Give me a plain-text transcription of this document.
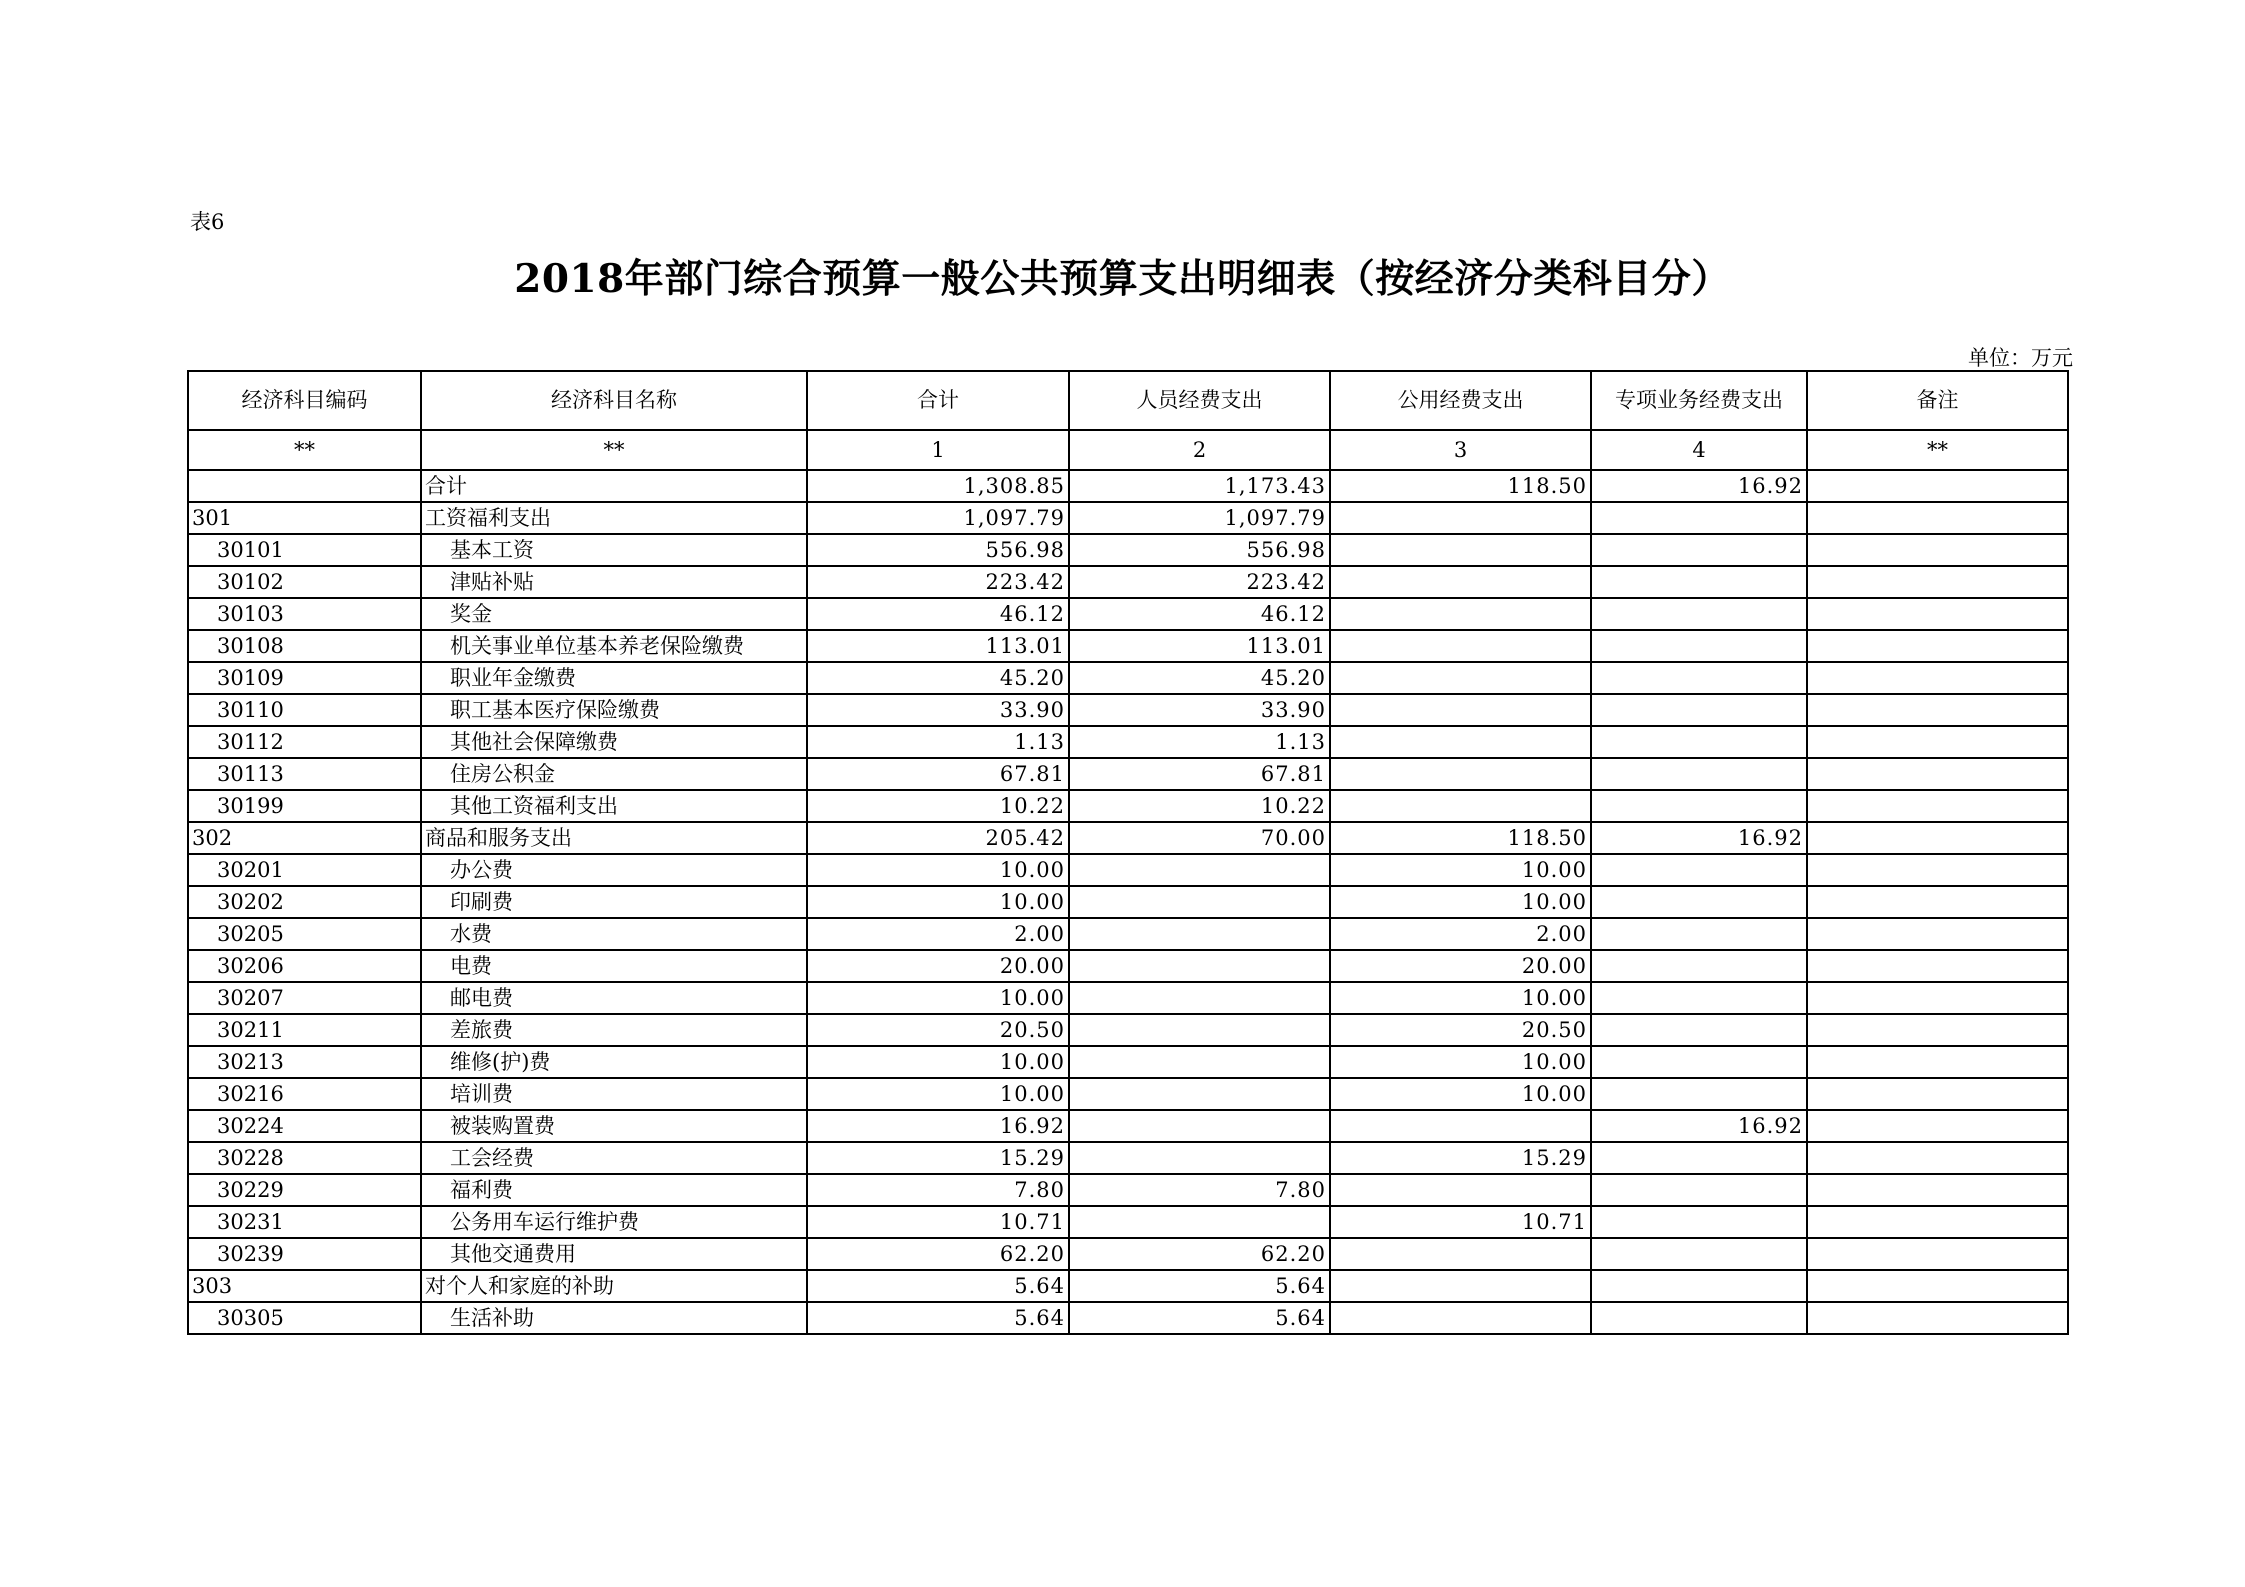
表6
2018年部门综合预算一般公共预算支出明细表（按经济分类科目分）
单位：万元
经济科目编码	经济科目名称	合计	人员经费支出	公用经费支出	专项业务经费支出	备注
**	**	1	2	3	4	**
	合计	1,308.85	1,173.43	118.50	16.92	
301	工资福利支出	1,097.79	1,097.79			
30101	基本工资	556.98	556.98			
30102	津贴补贴	223.42	223.42			
30103	奖金	46.12	46.12			
30108	机关事业单位基本养老保险缴费	113.01	113.01			
30109	职业年金缴费	45.20	45.20			
30110	职工基本医疗保险缴费	33.90	33.90			
30112	其他社会保障缴费	1.13	1.13			
30113	住房公积金	67.81	67.81			
30199	其他工资福利支出	10.22	10.22			
302	商品和服务支出	205.42	70.00	118.50	16.92	
30201	办公费	10.00		10.00		
30202	印刷费	10.00		10.00		
30205	水费	2.00		2.00		
30206	电费	20.00		20.00		
30207	邮电费	10.00		10.00		
30211	差旅费	20.50		20.50		
30213	维修(护)费	10.00		10.00		
30216	培训费	10.00		10.00		
30224	被装购置费	16.92			16.92	
30228	工会经费	15.29		15.29		
30229	福利费	7.80	7.80			
30231	公务用车运行维护费	10.71		10.71		
30239	其他交通费用	62.20	62.20			
303	对个人和家庭的补助	5.64	5.64			
30305	生活补助	5.64	5.64			
